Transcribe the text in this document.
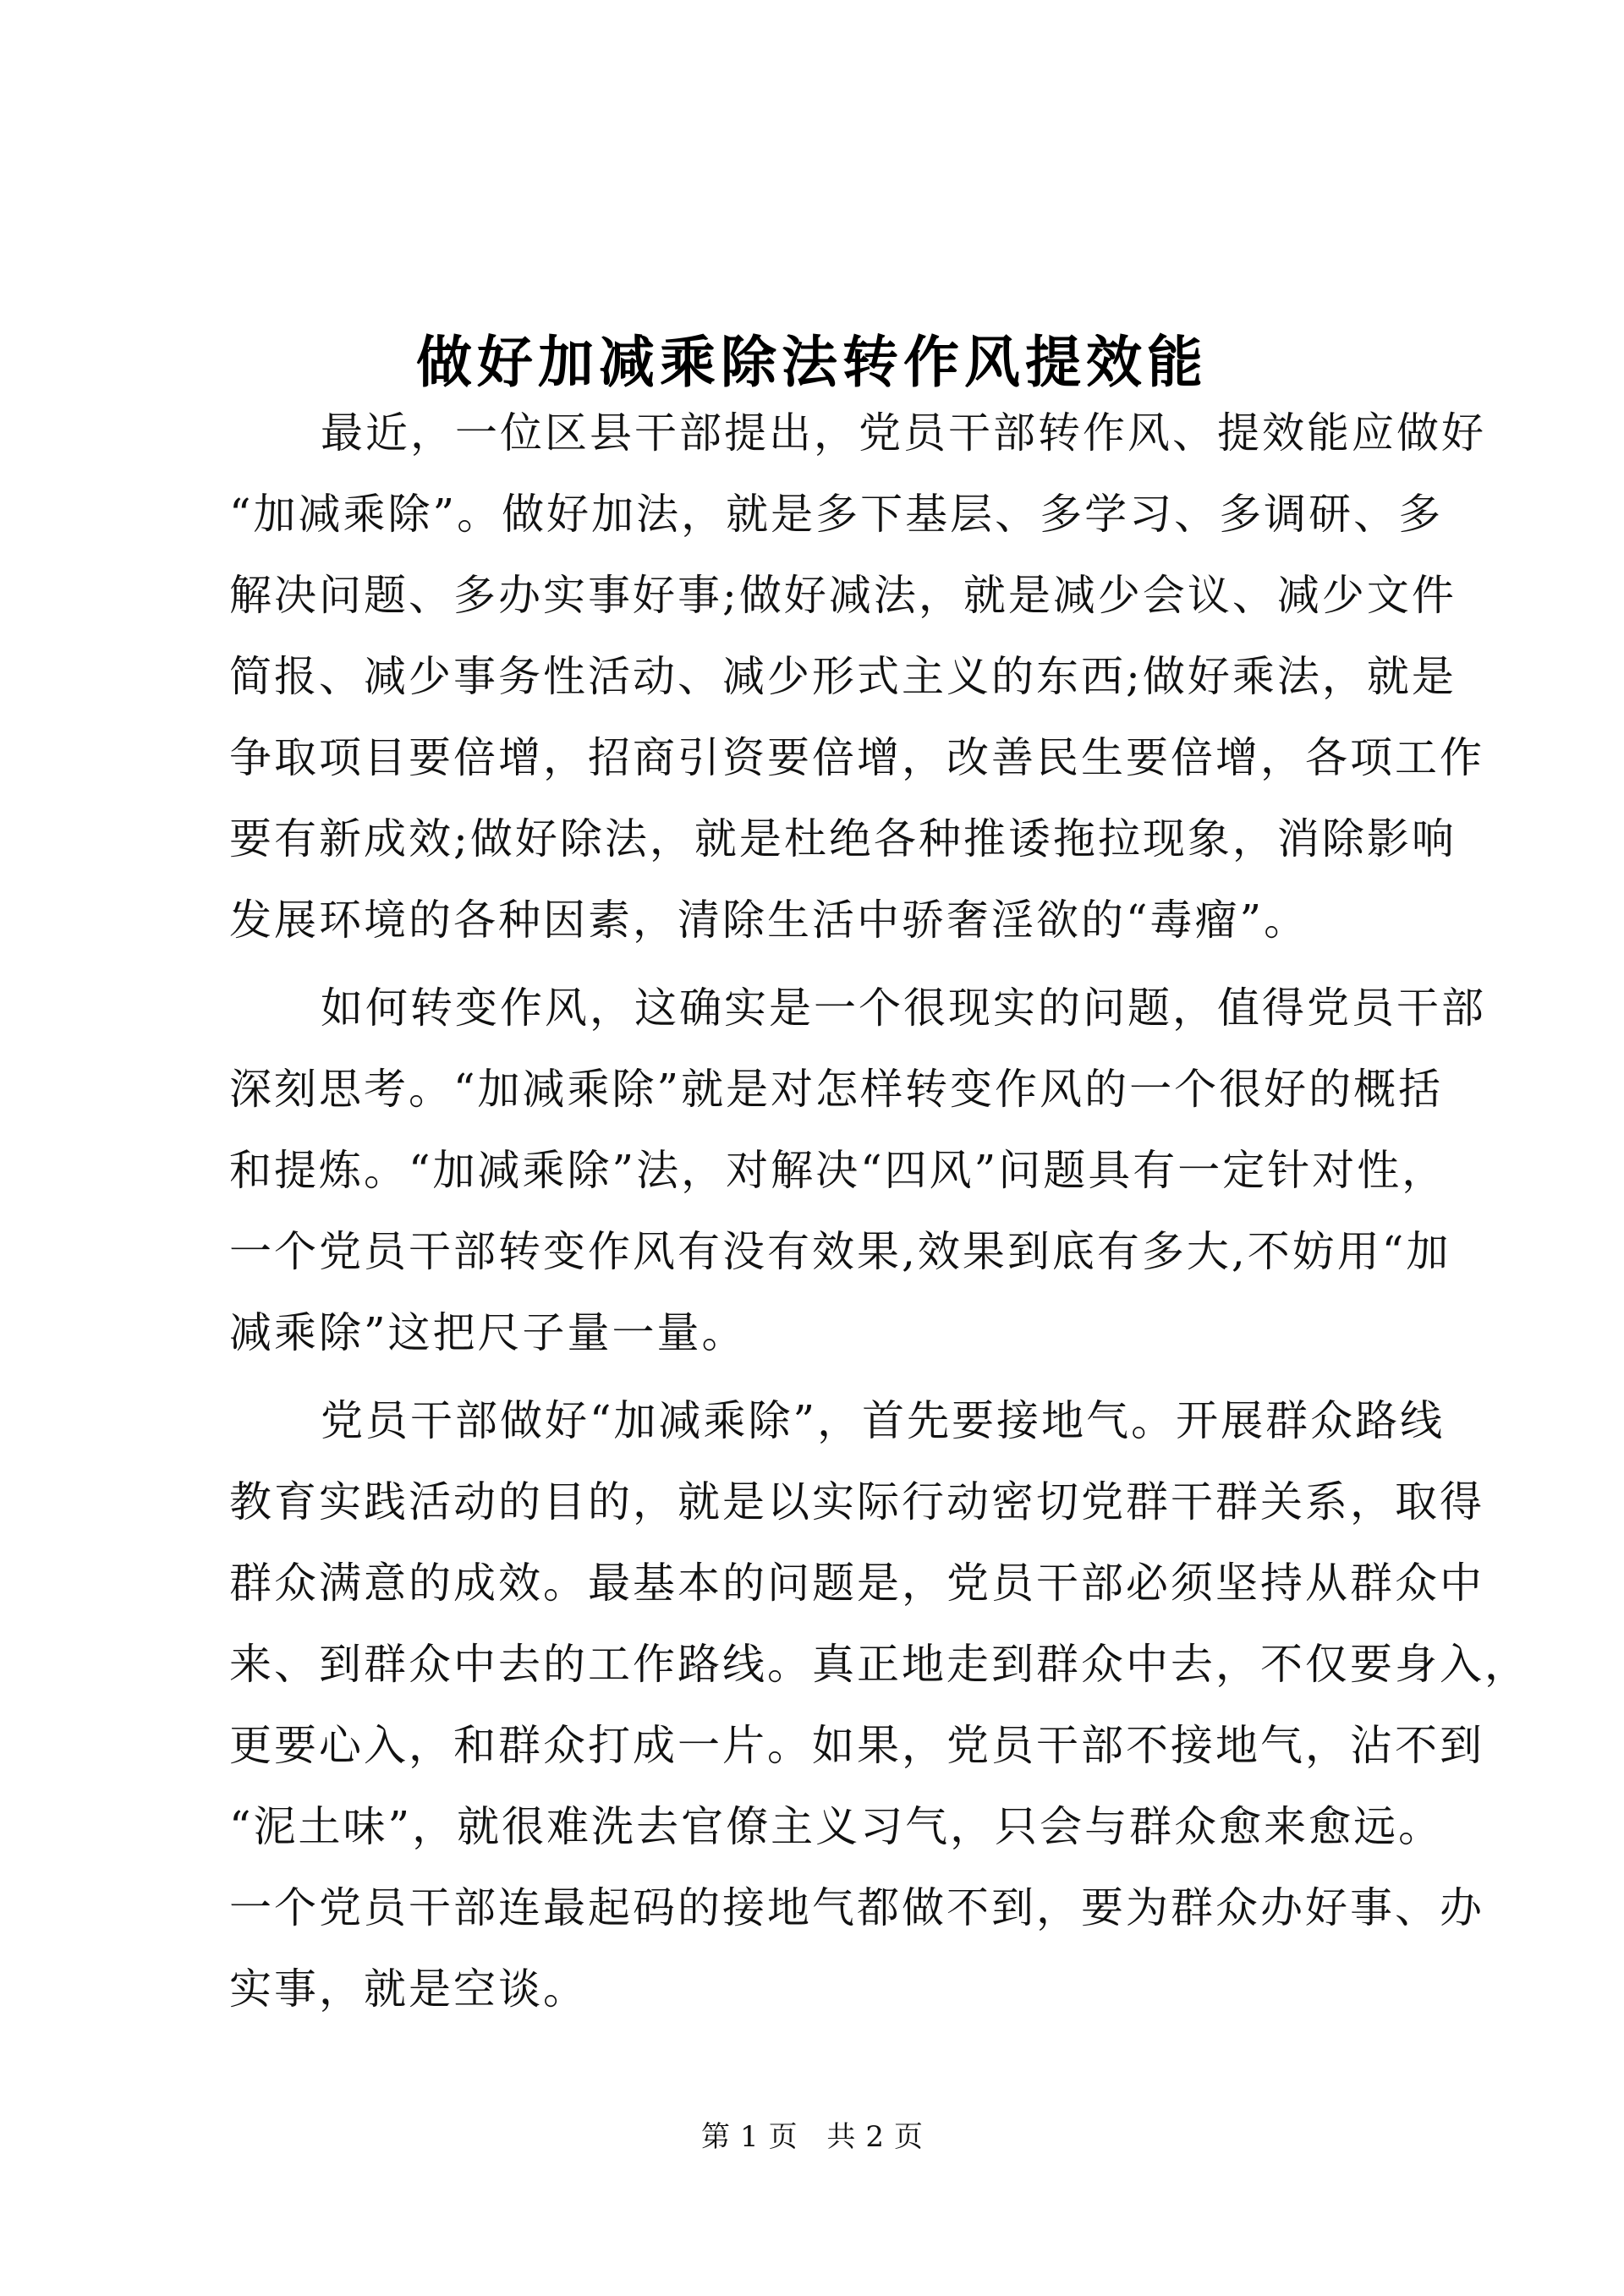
做好加减乘除法转作风提效能
最近，一位区县干部提出，党员干部转作风、提效能应做好
“加减乘除”。做好加法，就是多下基层、多学习、多调研、多
解决问题、多办实事好事;做好减法，就是减少会议、减少文件
简报、减少事务性活动、减少形式主义的东西;做好乘法，就是
争取项目要倍增，招商引资要倍增，改善民生要倍增，各项工作
要有新成效;做好除法，就是杜绝各种推诿拖拉现象，消除影响
发展环境的各种因素，清除生活中骄奢淫欲的“毒瘤”。
如何转变作风，这确实是一个很现实的问题，值得党员干部
深刻思考。“加减乘除”就是对怎样转变作风的一个很好的概括
和提炼。“加减乘除”法，对解决“四风”问题具有一定针对性，
一个党员干部转变作风有没有效果,效果到底有多大,不妨用“加
减乘除”这把尺子量一量。
党员干部做好“加减乘除”，首先要接地气。开展群众路线
教育实践活动的目的，就是以实际行动密切党群干群关系，取得
群众满意的成效。最基本的问题是，党员干部必须坚持从群众中
来、到群众中去的工作路线。真正地走到群众中去，不仅要身入，
更要心入，和群众打成一片。如果，党员干部不接地气，沾不到
“泥土味”，就很难洗去官僚主义习气，只会与群众愈来愈远。
一个党员干部连最起码的接地气都做不到，要为群众办好事、办
实事，就是空谈。
第 1 页 共 2 页
